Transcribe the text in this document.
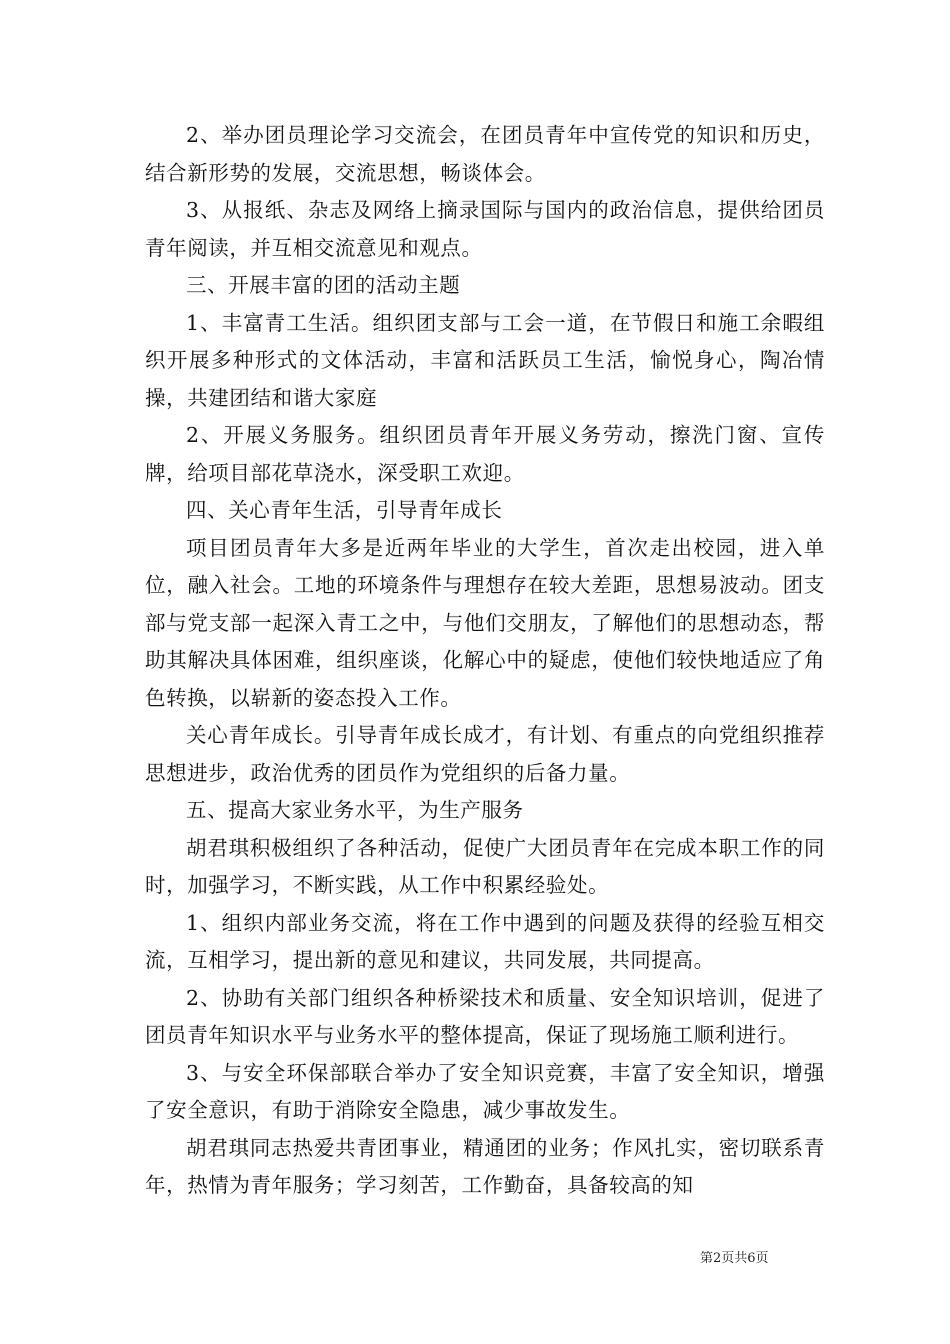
2、举办团员理论学习交流会，在团员青年中宣传党的知识和历史，结合新形势的发展，交流思想，畅谈体会。

3、从报纸、杂志及网络上摘录国际与国内的政治信息，提供给团员青年阅读，并互相交流意见和观点。

三、开展丰富的团的活动主题

1、丰富青工生活。组织团支部与工会一道，在节假日和施工余暇组织开展多种形式的文体活动，丰富和活跃员工生活，愉悦身心，陶冶情操，共建团结和谐大家庭

2、开展义务服务。组织团员青年开展义务劳动，擦洗门窗、宣传牌，给项目部花草浇水，深受职工欢迎。

四、关心青年生活，引导青年成长

项目团员青年大多是近两年毕业的大学生，首次走出校园，进入单位，融入社会。工地的环境条件与理想存在较大差距，思想易波动。团支部与党支部一起深入青工之中，与他们交朋友，了解他们的思想动态，帮助其解决具体困难，组织座谈，化解心中的疑虑，使他们较快地适应了角色转换，以崭新的姿态投入工作。

关心青年成长。引导青年成长成才，有计划、有重点的向党组织推荐思想进步，政治优秀的团员作为党组织的后备力量。

五、提高大家业务水平，为生产服务

胡君琪积极组织了各种活动，促使广大团员青年在完成本职工作的同时，加强学习，不断实践，从工作中积累经验处。

1、组织内部业务交流，将在工作中遇到的问题及获得的经验互相交流，互相学习，提出新的意见和建议，共同发展，共同提高。

2、协助有关部门组织各种桥梁技术和质量、安全知识培训，促进了团员青年知识水平与业务水平的整体提高，保证了现场施工顺利进行。

3、与安全环保部联合举办了安全知识竞赛，丰富了安全知识，增强了安全意识，有助于消除安全隐患，减少事故发生。

胡君琪同志热爱共青团事业，精通团的业务；作风扎实，密切联系青年，热情为青年服务；学习刻苦，工作勤奋，具备较高的知

第2页共6页
